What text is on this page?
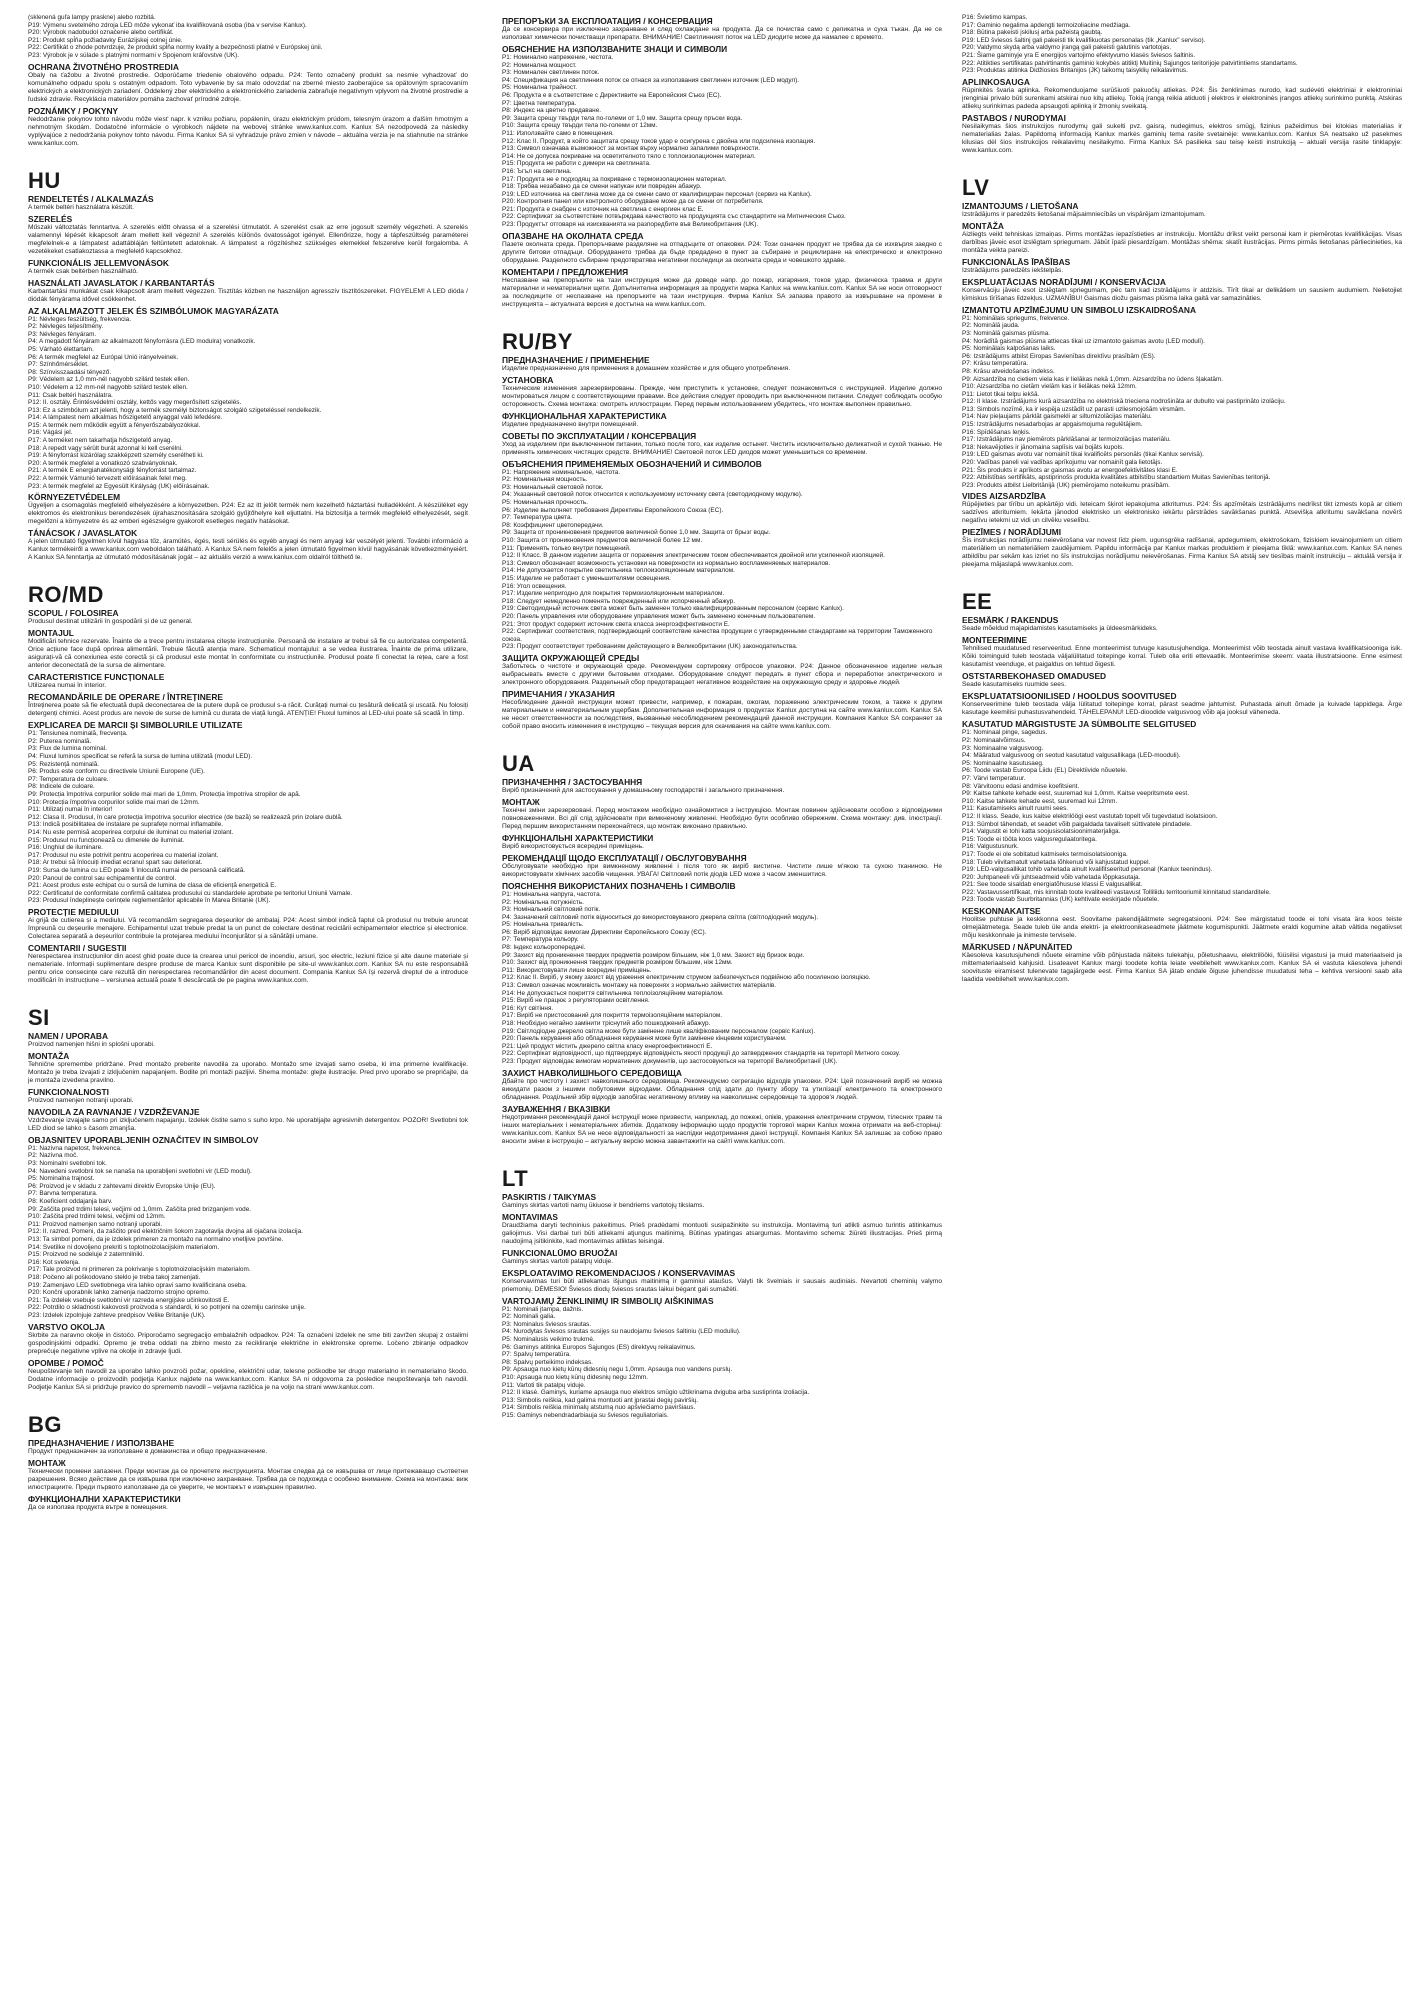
(sklenená guľa lampy praskne) alebo rozbitá.
P19: Výmenu svetelného zdroja LED môže vykonať iba kvalifikovaná osoba (iba v servise Kanlux).
P20: Výrobok nadobudol označenie alebo certifikát.
P21: Produkt spĺňa požiadavky Eurázijskej colnej únie.
P22: Certifikát o zhode potvrdzuje, že produkt spĺňa normy kvality a bezpečnosti platné v Európskej únii.
P23: Výrobok je v súlade s platnými normami v Spojenom kráľovstve (UK).
OCHRANA ŽIVOTNÉHO PROSTREDIA
Obaly na ťažobu a životné prostredie. Odporúčame triedenie obalového odpadu. P24: Tento označený produkt sa nesmie vyhadzovať do komunálneho odpadu spolu s ostatným odpadom. Toto vybavenie by sa malo odovzdať na zberné miesto zaoberajúce sa opätovným spracovaním elektrických a elektronických zariadení. Oddelený zber elektrického a elektronického zariadenia zabraňuje negatívnym vplyvom na životné prostredie a ľudské zdravie. Recyklácia materiálov pomáha zachovať prírodné zdroje.
POZNÁMKY / POKYNY
Nedodržanie pokynov tohto návodu môže viesť napr. k vzniku požiaru, popálenín, úrazu elektrickým prúdom, telesným úrazom a ďalším hmotným a nehmotným škodám. Dodatočné informácie o výrobkoch nájdete na webovej stránke www.kanlux.com. Kanlux SA nezodpovedá za následky vyplývajúce z nedodržania pokynov tohto návodu. Firma Kanlux SA si vyhradzuje právo zmien v návode – aktuálna verzia je na stiahnutie na stránke www.kanlux.com.
HU
RENDELTETÉS / ALKALMAZÁS
A termék beltéri használatra készült.
SZERELÉS
Műszaki változtatás fenntartva. A szerelés előtt olvassa el a szerelési útmutatót. A szerelést csak az erre jogosult személy végezheti. A szerelés valamennyi lépését kikapcsolt áram mellett kell végezni! A szerelés különös óvatosságot igényel. Ellenőrizze, hogy a tápfeszültség paraméterei megfelelnek-e a lámpatest adattábláján feltüntetett adatoknak. A lámpatest a rögzítéshez szükséges elemekkel felszerelve kerül forgalomba. A vezetékeket csatlakoztassa a megfelelő kapcsokhoz.
FUNKCIONÁLIS JELLEMVONÁSOK
A termék csak beltérben használható.
HASZNÁLATI JAVASLATOK / KARBANTARTÁS
Karbantartási munkákat csak kikapcsolt áram mellett végezzen. Tisztítás közben ne használjon agresszív tisztítószereket. FIGYELEM! A LED dióda / diódák fényárama idővel csökkenhet.
AZ ALKALMAZOTT JELEK ÉS SZIMBÓLUMOK MAGYARÁZATA
P1: Névleges feszültség, frekvencia.
P2: Névleges teljesítmény.
P3: Névleges fényáram.
P4: A megadott fényáram az alkalmazott fényforrásra (LED modulra) vonatkozik.
P5: Várható élettartam.
P6: A termék megfelel az Európai Unió irányelveinek.
P7: Színhőmérséklet.
P8: Színvisszaadási tényező.
P9: Védelem az 1,0 mm-nél nagyobb szilárd testek ellen.
P10: Védelem a 12 mm-nél nagyobb szilárd testek ellen.
P11: Csak beltéri használatra.
P12: II. osztály. Érintésvédelmi osztály, kettős vagy megerősített szigetelés.
P13: Ez a szimbólum azt jelenti, hogy a termék személyi biztonságot szolgáló szigeteléssel rendelkezik.
P14: A lámpatest nem alkalmas hőszigetelő anyaggal való lefedésre.
P15: A termék nem működik együtt a fényerőszabályozókkal.
P16: Vágási jel.
P17: A terméket nem takarhatja hőszigetelő anyag.
P18: A repedt vagy sérült burát azonnal ki kell cserélni.
P19: A fényforrást kizárólag szakképzett személy cserélheti ki.
P20: A termék megfelel a vonatkozó szabványoknak.
P21: A termék E energiahatékonysági fényforrást tartalmaz.
P22: A termék Vámunió tervezett előírásainak felel meg.
P23: A termék megfelel az Egyesült Királyság (UK) előírásainak.
KÖRNYEZETVÉDELEM
Ügyeljen a csomagolás megfelelő elhelyezésére a környezetben. P24: Ez az itt jelölt termék nem kezelhető háztartási hulladékként. A készüléket egy elektromos és elektronikus berendezések újrahasznosítására szolgáló gyűjtőhelyre kell eljuttatni. Ha biztosítja a termék megfelelő elhelyezését, segít megelőzni a környezetre és az emberi egészségre gyakorolt esetleges negatív hatásokat.
TÁNÁCSOK / JAVASLATOK
A jelen útmutató figyelmen kívül hagyása tűz, áramütés, égés, testi sérülés és egyéb anyagi és nem anyagi kár veszélyét jelenti. További információ a Kanlux termékeiről a www.kanlux.com weboldalon található. A Kanlux SA nem felelős a jelen útmutató figyelmen kívül hagyásának következményeiért. A Kanlux SA fenntartja az útmutató módosításának jogát – az aktuális verzió a www.kanlux.com oldalról tölthető le.
RO/MD
SCOPUL / FOLOSIREA
Produsul destinat utilizării în gospodării și de uz general.
MONTAJUL
Modificări tehnice rezervate. Înainte de a trece pentru instalarea citește instrucțiunile. Persoană de instalare ar trebui să fie cu autorizatea competentă. Orice acțiune face după oprirea alimentării. Trebuie făcută atenția mare. Schematicul montajului: a se vedea ilustrarea. Înainte de prima utilizare, asigurați-vă că conexiunea este corectă și că produsul este montat în conformitate cu instrucțiunile. Produsul poate fi conectat la rețea, care a fost anterior deconectată de la sursa de alimentare.
CARACTERISTICE FUNCȚIONALE
Utilizarea numai în interior.
RECOMANDĂRILE DE OPERARE / ÎNTREȚINERE
Întreținerea poate să fie efectuată după deconectarea de la putere după ce produsul s-a răcit. Curățați numai cu țesătură delicată și uscată. Nu folosiți detergenți chimici. Acest produs are nevoie de surse de lumină cu durata de viață lungă. ATENȚIE! Fluxul luminos al LED-ului poate să scadă în timp.
EXPLICAREA DE MARCII ȘI SIMBOLURILE UTILIZATE
P1: Tensiunea nominală, frecvența.
P2: Puterea nominală.
P3: Flux de lumina nominal.
P4: Fluxul luminos specificat se referă la sursa de lumina utilizată (modul LED).
P5: Rezistență nominală.
P6: Produs este conform cu directivele Uniunii Europene (UE).
P7: Temperatura de culoare.
P8: Indicele de culoare.
P9: Protecția împotriva corpurilor solide mai mari de 1,0mm. Protecția împotriva stropilor de apă.
P10: Protecția împotriva corpurilor solide mai mari de 12mm.
P11: Utilizați numai în interior!
P12: Clasa II. Produsul, în care protecția împotriva șocurilor electrice (de bază) se realizează prin izolare dublă.
P13: Indică posibilitatea de instalare pe suprafețe normal inflamabile.
P14: Nu este permisă acoperirea corpului de iluminat cu material izolant.
P15: Produsul nu funcționează cu dimerele de iluminat.
P16: Unghiul de iluminare.
P17: Produsul nu este potrivit pentru acoperirea cu material izolant.
P18: Ar trebui să înlocuiți imediat ecranul spart sau deteriorat.
P19: Sursa de lumina cu LED poate fi înlocuită numai de persoană calificată.
P20: Panoul de control sau echipamentul de control.
P21: Acest produs este echipat cu o sursă de lumina de clasa de eficiență energetică E.
P22: Certificatul de conformitate confirmă calitatea produsului cu standardele aprobate pe teritoriul Uniunii Vamale.
P23: Produsul îndeplinește cerințele reglementărilor aplicabile în Marea Britanie (UK).
PROTECȚIE MEDIULUI
Ai grijă de cutierea și a mediului. Vă recomandăm segregarea deșeurilor de ambalaj. P24: Acest simbol indică faptul că produsul nu trebuie aruncat împreună cu deșeurile menajere. Echipamentul uzat trebuie predat la un punct de colectare destinat reciclării echipamentelor electrice și electronice. Colectarea separată a deșeurilor contribuie la protejarea mediului înconjurător și a sănătății umane.
COMENTARII / SUGESTII
Nerespectarea instrucțiunilor din acest ghid poate duce la crearea unui pericol de incendiu, arsuri, șoc electric, leziuni fizice și alte daune materiale și nemateriale. Informații suplimentare despre produse de marca Kanlux sunt disponibile pe site-ul www.kanlux.com. Kanlux SA nu este responsabilă pentru orice consecințe care rezultă din nerespectarea recomandărilor din acest document. Compania Kanlux SA își rezervă dreptul de a introduce modificări în instrucțiune – versiunea actuală poate fi descărcată de pe pagina www.kanlux.com.
SI
NAMEN / UPORABA
Proizvod namenjen hišni in splošni uporabi.
MONTAŽA
Tehnične spremembe pridržane. Pred montažo preberite navodila za uporabo. Montažo sme izvajati samo oseba, ki ima primerne kvalifikacije. Montažo je treba izvajati z izključenim napajanjem. Bodite pri montaži pazljivi. Shema montaže: glejte ilustracije. Pred prvo uporabo se prepričajte, da je montaža izvedena pravilno.
FUNKCIONALNOSTI
Proizvod namenjen notranji uporabi.
NAVODILA ZA RAVNANJE / VZDRŽEVANJE
Vzdrževanje izvajajte samo pri izključenem napajanju. Izdelek čistite samo s suho krpo. Ne uporabljajte agresivnih detergentov. POZOR! Svetlobni tok LED diod se lahko s časom zmanjša.
OBJASNITEV UPORABLJENIH OZNAČITEV IN SIMBOLOV
P1: Nazivna napetost, frekvenca.
P2: Nazivna moč.
P3: Nominalni svetlobni tok.
P4: Navedeni svetlobni tok se nanaša na uporabljeni svetlobni vir (LED modul).
P5: Nominalna trajnost.
P6: Proizvod je v skladu z zahtevami direktiv Evropske Unije (EU).
P7: Barvna temperatura.
P8: Koeficient oddajanja barv.
P9: Zaščita pred trdimi telesi, večjimi od 1,0mm. Zaščita pred brizganjem vode.
P10: Zaščita pred trdimi telesi, večjimi od 12mm.
P11: Proizvod namenjen samo notranji uporabi.
P12: II. razred. Pomeni, da zaščito pred električnim šokom zagotavlja dvojna ali ojačana izolacija.
P13: Ta simbol pomeni, da je izdelek primeren za montažo na normalno vnetljive površine.
P14: Svetilke ni dovoljeno prekriti s toplotnoizolacijskim materialom.
P15: Proizvod ne sodeluje z zatemnilniki.
P16: Kot svetenja.
P17: Tale proizvod ni primeren za pokrivanje s toplotnoizolacijskim materialom.
P18: Počeno ali poškodovano steklo je treba takoj zamenjati.
P19: Zamenjavo LED svetlobnega vira lahko opravi samo kvalificirana oseba.
P20: Končni uporabnik lahko zamenja nadzorno strojno opremo.
P21: Ta izdelek vsebuje svetlobni vir razreda energijske učinkovitosti E.
P22: Potrdilo o skladnosti kakovosti proizvoda s standardi, ki so potrjeni na ozemlju carinske unije.
P23: Izdelek izpolnjuje zahteve predpisov Velike Britanije (UK).
VARSTVO OKOLJA
Skrbite za naravno okolje in čistočo. Priporočamo segregacijo embalažnih odpadkov. P24: Ta označeni izdelek ne sme biti zavržen skupaj z ostalimi gospodinjskimi odpadki. Opremo je treba oddati na zbirno mesto za recikliranje električne in elektronske opreme. Ločeno zbiranje odpadkov preprečuje negativne vplive na okolje in zdravje ljudi.
OPOMBE / POMOČ
Neupoštevanje teh navodil za uporabo lahko povzroči požar, opekline, električni udar, telesne poškodbe ter drugo materialno in nematerialno škodo. Dodatne informacije o proizvodih podjetja Kanlux najdete na www.kanlux.com. Kanlux SA ni odgovorna za posledice neupoštevanja teh navodil. Podjetje Kanlux SA si pridržuje pravico do sprememb navodil – veljavna različica je na voljo na strani www.kanlux.com.
BG
ПРЕДНАЗНАЧЕНИЕ / ИЗПОЛЗВАНЕ
Продукт предназначен за използване в домакинства и общо предназначение.
МОНТАЖ
Технически промени запазени. Преди монтаж да се прочетете инструкцията. Монтаж следва да се извършва от лице притежаващо съответни разрешения. Всяко действие да се извършва при изключено захранване. Трябва да се подхожда с особено внимание. Схема на монтажа: виж илюстрациите. Преди първото използване да се уверите, че монтажът е извършен правилно.
ФУНКЦИОНАЛНИ ХАРАКТЕРИСТИКИ
Да се използва продукта вътре в помещения.
ПРЕПОРЪКИ ЗА ЕКСПЛОАТАЦИЯ / КОНСЕРВАЦИЯ
Да се консервира при изключено захранване и след охлаждане на продукта. Да се почиства само с деликатна и суха тъкан. Да не се използват химически почистващи препарати. ВНИМАНИЕ! Светлинният поток на LED диодите може да намалее с времето.
ОБЯСНЕНИЕ НА ИЗПОЛЗВАНИТЕ ЗНАЦИ И СИМВОЛИ
P1: Номинално напрежение, честота.
P2: Номинална мощност.
P3: Номинален светлинен поток.
P4: Спецификация на светлинния поток се отнася за използвания светлинен източник (LED модул).
P5: Номинална трайност.
P6: Продукта е в съответствие с Директивите на Европейския Съюз (ЕС).
P7: Цветна температура.
P8: Индекс на цветно предаване.
P9: Защита срещу твърди тела по-големи от 1,0 мм. Защита срещу пръски вода.
P10: Защита срещу твърди тела по-големи от 12мм.
P11: Използвайте само в помещения.
P12: Клас II. Продукт, в който защитата срещу токов удар е осигурена с двойна или подсилена изолация.
P13: Символ означава възможност за монтаж върху нормално запалими повърхности.
P14: Не се допуска покриване на осветителното тяло с топлоизолационен материал.
P15: Продукта не работи с димери на светлината.
P16: Ъгъл на светлина.
P17: Продукта не е подходящ за покриване с термоизолационен материал.
P18: Трябва незабавно да се смени напукан или повреден абажур.
P19: LED източника на светлина може да се смени само от квалифициран персонал (сервиз на Kanlux).
P20: Контролния панел или контролното оборудване може да се смени от потребителя.
P21: Продукта е снабден с източник на светлина с енергиен клас Е.
P22: Сертификат за съответствие потвърждава качеството на продукцията със стандартите на Митническия Съюз.
P23: Продуктът отговаря на изискванията на разпоредбите във Великобритания (UK).
ОПАЗВАНЕ НА ОКОЛНАТА СРЕДА
Пазете околната среда. Препоръчваме разделяне на отпадъците от опаковки. P24: Този означен продукт не трябва да се изхвърля заедно с другите битови отпадъци. Оборудването трябва да бъде предадено в пункт за събиране и рециклиране на електрическо и електронно оборудване. Разделното събиране предотвратява негативни последици за околната среда и човешкото здраве.
КОМЕНТАРИ / ПРЕДЛОЖЕНИЯ
Неспазване на препоръките на тази инструкция може да доведе напр. до пожар, изгаряния, токов удар, физическа травма и други материални и нематериални щети. Допълнителна информация за продукти марка Kanlux на www.kanlux.com. Kanlux SA не носи отговорност за последиците от неспазване на препоръките на тази инструкция. Фирма Kanlux SA запазва правото за извършване на промени в инструкцията – актуалната версия е достъпна на www.kanlux.com.
RU/BY
ПРЕДНАЗНАЧЕНИЕ / ПРИМЕНЕНИЕ
Изделие предназначено для применения в домашнем хозяйстве и для общего употребления.
УСТАНОВКА
Технические изменения зарезервированы. Прежде, чем приступить к установке, следует познакомиться с инструкцией. Изделие должно монтироваться лицом с соответствующими правами. Все действия следует проводить при выключенном питании. Следует соблюдать особую осторожность. Схема монтажа: смотреть иллюстрации. Перед первым использованием убедитесь, что монтаж выполнен правильно.
ФУНКЦИОНАЛЬНАЯ ХАРАКТЕРИСТИКА
Изделие предназначено внутри помещений.
СОВЕТЫ ПО ЭКСПЛУАТАЦИИ / КОНСЕРВАЦИЯ
Уход за изделием при выключенном питании, только после того, как изделие остынет. Чистить исключительно деликатной и сухой тканью. Не применять химических чистящих средств. ВНИМАНИЕ! Световой поток LED диодов может уменьшиться со временем.
ОБЪЯСНЕНИЯ ПРИМЕНЯЕМЫХ ОБОЗНАЧЕНИЙ И СИМВОЛОВ
P1: Напряжение номинальное, частота.
P2: Номинальная мощность.
P3: Номинальный световой поток.
P4: Указанный световой поток относится к используемому источнику света (светодиодному модулю).
P5: Номинальная прочность.
P6: Изделие выполняет требования Директивы Европейского Союза (ЕС).
P7: Температура цвета.
P8: Коэффициент цветопередачи.
P9: Защита от проникновения предметов величиной более 1,0 мм. Защита от брызг воды.
P10: Защита от проникновения предметов величиной более 12 мм.
P11: Применять только внутри помещений.
P12: II Класс. В данном изделии защита от поражения электрическим током обеспечивается двойной или усиленной изоляцией.
P13: Символ обозначает возможность установки на поверхности из нормально воспламеняемых материалов.
P14: Не допускается покрытие светильника теплоизоляционным материалом.
P15: Изделие не работает с уменьшителями освещения.
P16: Угол освещения.
P17: Изделие непригодно для покрытия термоизоляционным материалом.
P18: Следует немедленно поменять поврежденный или испорченный абажур.
P19: Светодиодный источник света может быть заменен только квалифицированным персоналом (сервис Kanlux).
P20: Панель управления или оборудование управления может быть заменено конечным пользователем.
P21: Этот продукт содержит источник света класса энергоэффективности E.
P22: Сертификат соответствия, подтверждающий соответствие качества продукции с утвержденными стандартами на территории Таможенного союза.
P23: Продукт соответствует требованиям действующего в Великобритании (UK) законодательства.
ЗАЩИТА ОКРУЖАЮЩЕЙ СРЕДЫ
Заботьтесь о чистоте и окружающей среде. Рекомендуем сортировку отбросов упаковки. P24: Данное обозначенное изделие нельзя выбрасывать вместе с другими бытовыми отходами. Оборудование следует передать в пункт сбора и переработки электрического и электронного оборудования. Раздельный сбор предотвращает негативное воздействие на окружающую среду и здоровье людей.
ПРИМЕЧАНИЯ / УКАЗАНИЯ
Несоблюдение данной инструкции может привести, например, к пожарам, ожогам, поражению электрическим током, а также к другим материальным и нематериальным ущербам. Дополнительная информация о продуктах Kanlux доступна на сайте www.kanlux.com. Kanlux SA не несет ответственности за последствия, вызванные несоблюдением рекомендаций данной инструкции. Компания Kanlux SA сохраняет за собой право вносить изменения в инструкцию – текущая версия для скачивания на сайте www.kanlux.com.
UA
ПРИЗНАЧЕННЯ / ЗАСТОСУВАННЯ
Виріб призначений для застосування у домашньому господарстві і загального призначення.
МОНТАЖ
Технічні зміни зарезервовані. Перед монтажем необхідно ознайомитися з інструкцією. Монтаж повинен здійснювати особою з відповідними повноваженнями. Всі дії слід здійснювати при вимкненому живленні. Необхідно бути особливо обережним. Схема монтажу: див. ілюстрації. Перед першим використанням переконайтеся, що монтаж виконано правильно.
ФУНКЦІОНАЛЬНІ ХАРАКТЕРИСТИКИ
Виріб використовується всередині приміщень.
РЕКОМЕНДАЦІЇ ЩОДО ЕКСПЛУАТАЦІЇ / ОБСЛУГОВУВАННЯ
Обслуговувати необхідно при вимкненому живленні і після того як виріб вистигне. Чистити лише м'якою та сухою тканиною. Не використовувати хімічних засобів чищення. УВАГА! Світловий потік діодів LED може з часом зменшитися.
ПОЯСНЕННЯ ВИКОРИСТАНИХ ПОЗНАЧЕНЬ І СИМВОЛІВ
P1: Номінальна напруга, частота.
P2: Номінальна потужність.
P3: Номінальний світловий потік.
P4: Зазначений світловий потік відноситься до використовуваного джерела світла (світлодіодний модуль).
P5: Номінальна тривалість.
P6: Виріб відповідає вимогам Директиви Європейського Союзу (ЄС).
P7: Температура кольору.
P8: Індекс кольоропередачі.
P9: Захист від проникнення твердих предметів розміром більшим, ніж 1,0 мм. Захист від бризок води.
P10: Захист від проникнення твердих предметів розміром більшим, ніж 12мм.
P11: Використовувати лише всередині приміщень.
P12: Клас II. Виріб, у якому захист від ураження електричним струмом забезпечується подвійною або посиленою ізоляцією.
P13: Символ означає можливість монтажу на поверхнях з нормально займистих матеріалів.
P14: Не допускається покриття світильника теплоізоляційним матеріалом.
P15: Виріб не працює з регуляторами освітлення.
P16: Кут світіння.
P17: Виріб не пристосований для покриття термоізоляційним матеріалом.
P18: Необхідно негайно замінити тріснутий або пошкоджений абажур.
P19: Світлодіодне джерело світла може бути замінене лише кваліфікованим персоналом (сервіс Kanlux).
P20: Панель керування або обладнання керування може бути замінене кінцевим користувачем.
P21: Цей продукт містить джерело світла класу енергоефективності E.
P22: Сертифікат відповідності, що підтверджує відповідність якості продукції до затверджених стандартів на території Митного союзу.
P23: Продукт відповідає вимогам нормативних документів, що застосовуються на території Великобританії (UK).
ЗАХИСТ НАВКОЛИШНЬОГО СЕРЕДОВИЩА
Дбайте про чистоту і захист навколишнього середовища. Рекомендуємо сегрегацію відходів упаковки. P24: Цей позначений виріб не можна викидати разом з іншими побутовими відходами. Обладнання слід здати до пункту збору та утилізації електричного та електронного обладнання. Роздільний збір відходів запобігає негативному впливу на навколишнє середовище та здоров'я людей.
ЗАУВАЖЕННЯ / ВКАЗІВКИ
Недотримання рекомендацій даної інструкції може призвести, наприклад, до пожежі, опіків, ураження електричним струмом, тілесних травм та інших матеріальних і нематеріальних збитків. Додаткову інформацію щодо продуктів торгової марки Kanlux можна отримати на веб-сторінці: www.kanlux.com. Kanlux SA не несе відповідальності за наслідки недотримання даної інструкції. Компанія Kanlux SA залишає за собою право вносити зміни в інструкцію – актуальну версію можна завантажити на сайті www.kanlux.com.
LT
PASKIRTIS / TAIKYMAS
Gaminys skirtas vartoti namų ūkiuose ir bendriems vartotojų tikslams.
MONTAVIMAS
Draudžiama daryti techninius pakeitimus. Prieš pradėdami montuoti susipažinkite su instrukcija. Montavimą turi atlikti asmuo turintis atitinkamus galiojimus. Visi darbai turi būti atliekami atjungus maitinimą. Būtinas ypatingas atsargumas. Montavimo schema: žiūrėti iliustracijas. Prieš pirmą naudojimą įsitikinkite, kad montavimas atliktas teisingai.
FUNKCIONALŪMO BRUOŽAI
Gaminys skirtas vartoti patalpų viduje.
EKSPLOATAVIMO REKOMENDACIJOS / KONSERVAVIMAS
Konservavimas turi būti atliekamas išjungus maitinimą ir gaminiui ataušus. Valyti tik švelniais ir sausais audiniais. Nevartoti cheminių valymo priemonių. DĖMESIO! Šviesos diodų šviesos srautas laikui bėgant gali sumažėti.
VARTOJAMŲ ŽENKLINIMŲ IR SIMBOLIŲ AIŠKINIMAS
P1: Nominali įtampa, dažnis.
P2: Nominali galia.
P3: Nominalus šviesos srautas.
P4: Nurodytas šviesos srautas susijęs su naudojamu šviesos šaltiniu (LED moduliu).
P5: Nominalusis veikimo trukmė.
P6: Gaminys atitinka Europos Sąjungos (ES) direktyvų reikalavimus.
P7: Spalvų temperatūra.
P8: Spalvų perteikimo indeksas.
P9: Apsauga nuo kietų kūnų didesnių negu 1,0mm. Apsauga nuo vandens purslų.
P10: Apsauga nuo kietų kūnų didesnių negu 12mm.
P11: Vartoti tik patalpų viduje.
P12: II klasė. Gaminys, kuriame apsauga nuo elektros smūgio užtikrinama dviguba arba sustiprinta izoliacija.
P13: Simbolis reiškia, kad galima montuoti ant įprastai degių paviršių.
P14: Simbolis reiškia minimalų atstumą nuo apšviečiamo paviršiaus.
P15: Gaminys nebendradarbiauja su šviesos reguliatoriais.
P16: Švietimo kampas.
P17: Gaminio negalima apdengti termoizoliacine medžiaga.
P18: Būtina pakeisti įskilusį arba pažeistą gaubtą.
P19: LED šviesos šaltinį gali pakeisti tik kvalifikuotas personalas (tik „Kanlux" serviso).
P20: Valdymo skydą arba valdymo įrangą gali pakeisti galutinis vartotojas.
P21: Šiame gaminyje yra E energijos vartojimo efektyvumo klasės šviesos šaltinis.
P22: Atitikties sertifikatas patvirtinantis gaminio kokybės atitiktį Muitinių Sąjungos teritorijoje patvirtintiems standartams.
P23: Produktas atitinka Didžiosios Britanijos (JK) taikomų taisyklių reikalavimus.
APLINKOSAUGA
Rūpinkitės švaria aplinka. Rekomenduojame surūšiuoti pakuočių atliekas. P24: Šis ženklinimas nurodo, kad sudėvėti elektriniai ir elektroniniai įrenginiai privalo būti surenkami atskirai nuo kitų atliekų. Tokią įrangą reikia atiduoti į elektros ir elektroninės įrangos atliekų surinkimo punktą. Atskiras atliekų surinkimas padeda apsaugoti aplinką ir žmonių sveikatą.
PASTABOS / NURODYMAI
Nesilaikymas šios instrukcijos nurodymų gali sukelti pvz. gaisrą, nudegimus, elektros smūgį, fizinius pažeidimus bei kitokias materialias ir nematerialias žalas. Papildomą informaciją Kanlux markės gaminių tema rasite svetainėje: www.kanlux.com. Kanlux SA neatsako už pasekmes kilusias dėl šios instrukcijos reikalavimų nesilaikymo. Firma Kanlux SA pasilieka sau teisę keisti instrukciją – aktuali versija rasite tinklapyje: www.kanlux.com.
LV
IZMANTOJUMS / LIETOŠANA
Izstrādājums ir paredzēts lietošanai mājsaimniecībās un vispārējam izmantojumam.
MONTĀŽA
Aizliegts veikt tehniskas izmaiņas. Pirms montāžas iepazīstieties ar instrukciju. Montāžu drīkst veikt personai kam ir piemērotas kvalifikācijas. Visas darbības jāveic esot izslēgtam spriegumam. Jābūt īpaši piesardzīgam. Montāžas shēma: skatīt ilustrācijas. Pirms pirmās lietošanas pārliecinieties, ka montāža veikta pareizi.
FUNKCIONĀLĀS ĪPAŠĪBAS
Izstrādājums paredzēts iekštelpās.
EKSPLUATĀCIJAS NORĀDĪJUMI / KONSERVĀCIJA
Konservāciju jāveic esot izslēgtam spriegumam, pēc tam kad izstrādājums ir atdzisis. Tīrīt tikai ar delikātiem un sausiem audumiem. Nelietojiet ķīmiskus tīrīšanas līdzekļus. UZMANĪBU! Gaismas diožu gaismas plūsma laika gaitā var samazināties.
IZMANTOTU APZĪMĒJUMU UN SIMBOLU IZSKAIDROŠANA
P1: Nominālais spriegums, frekvence.
P2: Nominālā jauda.
P3: Nominālā gaismas plūsma.
P4: Norādītā gaismas plūsma attiecas tikai uz izmantoto gaismas avotu (LED modulī).
P5: Nominālais kalpošanas laiks.
P6: Izstrādājums atbilst Eiropas Savienības direktīvu prasībām (ES).
P7: Krāsu temperatūra.
P8: Krāsu atveidošanas indekss.
P9: Aizsardzība no cietiem viela kas ir lielākas nekā 1,0mm. Aizsardzība no ūdens šļakatām.
P10: Aizsardzība no cietām vielām kas ir lielākas nekā 12mm.
P11: Lietot tikai telpu iekšā.
P12: II klase. Izstrādājums kurā aizsardzība no elektriskā trieciena nodrošināta ar dubulto vai pastiprināto izolāciju.
P13: Simbols nozīmē, ka ir iespēja uzstādīt uz parasti uzliesmojošām virsmām.
P14: Nav pieļaujams pārklāt gaismekli ar siltumizolācijas materiālu.
P15: Izstrādājums nesadarbojas ar apgaismojuma regulētājiem.
P16: Spīdēšanas leņķis.
P17: Izstrādājums nav piemērots pārklāšanai ar termoizolācijas materiālu.
P18: Nekavējoties ir jānomaina saplīsis vai bojāts kupols.
P19: LED gaismas avotu var nomainīt tikai kvalificēts personāls (tikai Kanlux servisā).
P20: Vadības paneli vai vadības aprīkojumu var nomainīt gala lietotājs.
P21: Šis produkts ir aprīkots ar gaismas avotu ar energoefektivitātes klasi E.
P22: Atbilstības sertifikāts, apstiprinošs produkta kvalitātes atbilstību standartiem Muitas Savienības teritorijā.
P23: Produkts atbilst Lielbritānijā (UK) piemērojamo noteikumu prasībām.
VIDES AIZSARDZĪBA
Rūpējieties par tīrību un apkārtējo vidi. Ieteicam šķirot iepakojuma atkritumus. P24: Šis apzīmētais izstrādājums nedrīkst tikt izmests kopā ar citiem sadzīves atkritumiem. Iekārta jānodod elektrisko un elektronisko iekārtu pārstrādes savākšanas punktā. Atsevišķa atkritumu savākšana novērš negatīvu ietekmi uz vidi un cilvēku veselību.
PIEZĪMES / NORĀDĪJUMI
Šīs instrukcijas norādījumu neievērošana var novest līdz piem. ugunsgrēka radīšanai, apdegumiem, elektrošokam, fiziskiem ievainojumiem un citiem materiāliem un nemateriāliem zaudējumiem. Papildu informācija par Kanlux markas produktiem ir pieejama tīklā: www.kanlux.com. Kanlux SA nenes atbildību par sekām kas izriet no šīs instrukcijas norādījumu neievērošanas. Firma Kanlux SA atstāj sev tiesības mainīt instrukciju – aktuālā versija ir pieejama mājaslapā www.kanlux.com.
EE
EESMÄRK / RAKENDUS
Seade mõeldud majapidamistes kasutamiseks ja üldeesmärkideks.
MONTEERIMINE
Tehnilised muudatused reserveeritud. Enne monteerimist tutvuge kasutusjuhendiga. Monteerimist võib teostada ainult vastava kvalifikatsiooniga isik. Kõiki toiminguid tuleb teostada väljalülitatud toitepinge korral. Tuleb olla eriti ettevaatlik. Monteerimise skeem: vaata illustratsioone. Enne esimest kasutamist veenduge, et paigaldus on tehtud õigesti.
OSTSTARBEKOHASED OMADUSED
Seade kasutamiseks ruumide sees.
EKSPLUATATSIOONILISED / HOOLDUS SOOVITUSED
Konserveerimine tuleb teostada välja lülitatud toitepinge korral, pärast seadme jahtumist. Puhastada ainult õrnade ja kuivade lappidega. Ärge kasutage keemilisi puhastusvahendeid. TÄHELEPANU! LED-dioodide valgusvoog võib aja jooksul väheneda.
KASUTATUD MÄRGISTUSTE JA SÜMBOLITE SELGITUSED
P1: Nominaal pinge, sagedus.
P2: Nominaalvõimsus.
P3: Nominaalne valgusvoog.
P4: Määratud valgusvoog on seotud kasutatud valgusallikaga (LED-mooduli).
P5: Nominaalne kasutusaeg.
P6: Toode vastab Euroopa Liidu (EL) Direktiivide nõuetele.
P7: Värvi temperatuur.
P8: Värvitoonu edasi andmise koefitsient.
P9: Kaitse tahkete kehade eest, suuremad kui 1,0mm. Kaitse veepritsmete eest.
P10: Kaitse tahkete kehade eest, suuremad kui 12mm.
P11: Kasutamiseks ainult ruumi sees.
P12: II klass. Seade, kus kaitse elektrilöögi eest vastutab topelt või tugevdatud isolatsioon.
P13: Sümbol tähendab, et seadet võib paigaldada tavaliselt süttivatele pindadele.
P14: Valgustit ei tohi katta soojusisolatsioonimaterjaliga.
P15: Toode ei tööta koos valgusregulaatoritega.
P16: Valgustusnurk.
P17: Toode ei ole sobitatud katmiseks termoisolatsiooniga.
P18: Tuleb viivitamatult vahetada lõhkenud või kahjustatud kuppel.
P19: LED-valgusallikat tohib vahetada ainult kvalifitseeritud personal (Kanlux teenindus).
P20: Juhtpaneeli või juhtseadmeid võib vahetada lõppkasutaja.
P21: See toode sisaldab energiatõhususe klassi E valgusallikat.
P22: Vastavussertifikaat, mis kinnitab toote kvaliteedi vastavust Tolliliidu territooriumil kinnitatud standarditele.
P23: Toode vastab Suurbritannias (UK) kehtivate eeskirjade nõuetele.
KESKONNAKAITSE
Hoolitse puhtuse ja keskkonna eest. Soovitame pakendijäätmete segregatsiooni. P24: See märgistatud toode ei tohi visata ära koos teiste olmejäätmetega. Seade tuleb üle anda elektri- ja elektroonikaseadmete jäätmete kogumispunkti. Jäätmete eraldi kogumine aitab vältida negatiivset mõju keskkonnale ja inimeste tervisele.
MÄRKUSED / NÄPUNÄITED
Käesoleva kasutusjuhendi nõuete eiramine võib põhjustada näiteks tulekahju, põletushaavu, elektrilööki, füüsilisi vigastusi ja muid materiaalseid ja mittemateriaalseid kahjusid. Lisateavet Kanlux margi toodete kohta leiate veebilehelt www.kanlux.com. Kanlux SA ei vastuta käesoleva juhendi soovituste eiramisest tulenevate tagajärgede eest. Firma Kanlux SA jätab endale õiguse juhendisse muudatusi teha – kehtiva versiooni saab alla laadida veebilehelt www.kanlux.com.
